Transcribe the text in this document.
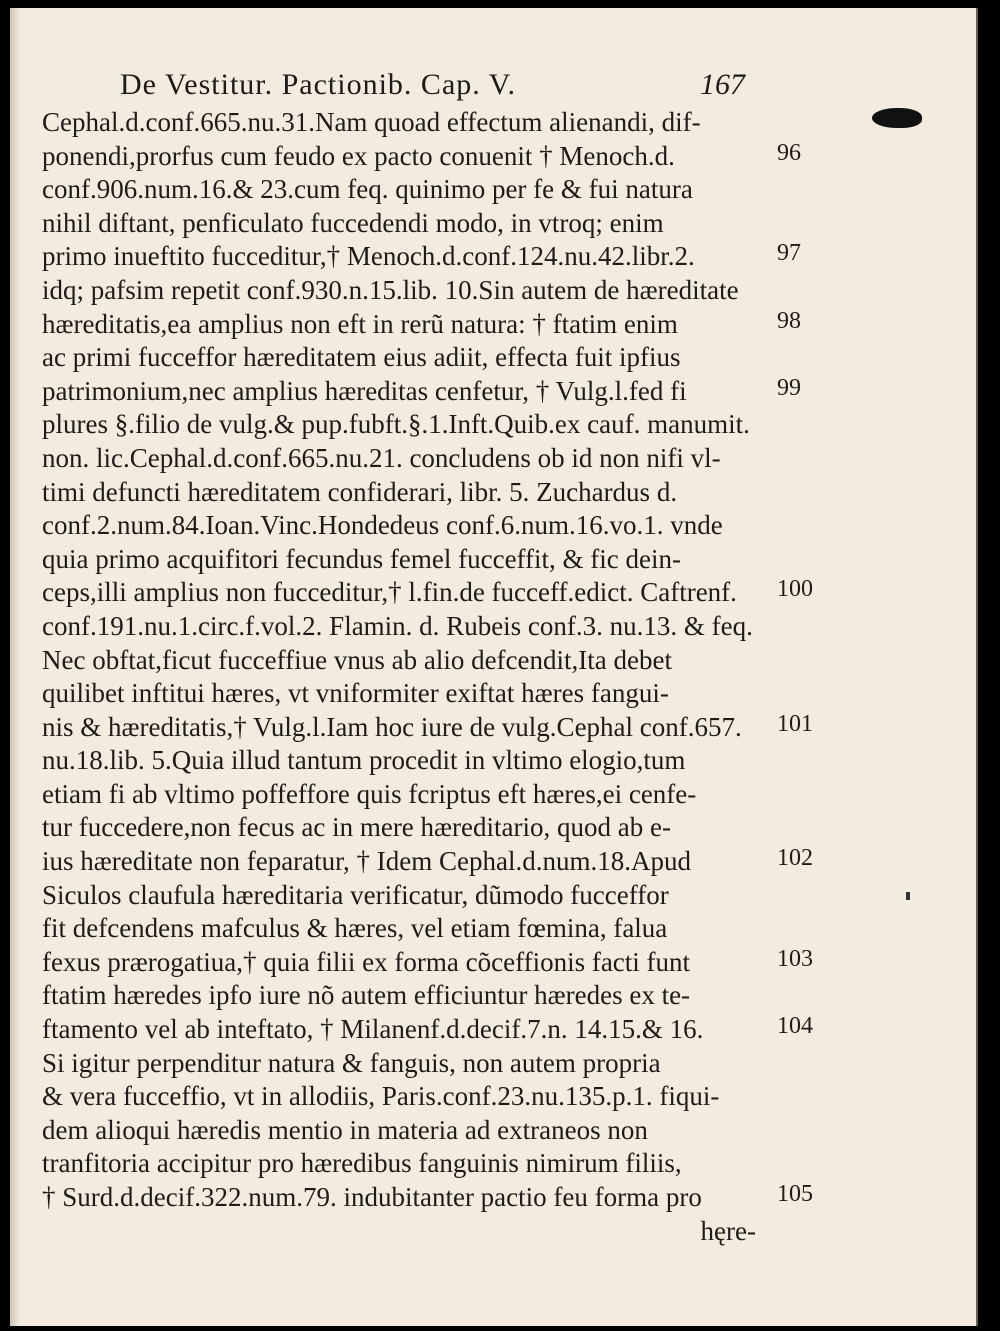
De Vestitur. Pactionib. Cap. V.	167
Cephal.d.conf.665.nu.31.Nam quoad effectum alienandi, dif-
ponendi,prorfus cum feudo ex pacto conuenit † Menoch.d.
conf.906.num.16.& 23.cum feq. quinimo per fe & fui natura
nihil diftant, penficulato fuccedendi modo, in vtroq; enim
primo inueftito fucceditur,† Menoch.d.conf.124.nu.42.libr.2.
idq; pafsim repetit conf.930.n.15.lib. 10.Sin autem de hæreditate
hæreditatis,ea amplius non eft in rerũ natura: † ftatim enim
ac primi fucceffor hæreditatem eius adiit, effecta fuit ipfius
patrimonium,nec amplius hæreditas cenfetur, † Vulg.l.fed fi
plures §.filio de vulg.& pup.fubft.§.1.Inft.Quib.ex cauf. manumit.
non. lic.Cephal.d.conf.665.nu.21. concludens ob id non nifi vl-
timi defuncti hæreditatem confiderari, libr. 5. Zuchardus d.
conf.2.num.84.Ioan.Vinc.Hondedeus conf.6.num.16.vo.1. vnde
quia primo acquifitori fecundus femel fucceffit, & fic dein-
ceps,illi amplius non fucceditur,† l.fin.de fucceff.edict. Caftrenf.
conf.191.nu.1.circ.f.vol.2. Flamin. d. Rubeis conf.3. nu.13. & feq.
Nec obftat,ficut fucceffiue vnus ab alio defcendit,Ita debet
quilibet inftitui hæres, vt vniformiter exiftat hæres fangui-
nis & hæreditatis,† Vulg.l.Iam hoc iure de vulg.Cephal conf.657.
nu.18.lib. 5.Quia illud tantum procedit in vltimo elogio,tum
etiam fi ab vltimo poffeffore quis fcriptus eft hæres,ei cenfe-
tur fuccedere,non fecus ac in mere hæreditario, quod ab e-
ius hæreditate non feparatur, † Idem Cephal.d.num.18.Apud
Siculos claufula hæreditaria verificatur, dũmodo fucceffor
fit defcendens mafculus & hæres, vel etiam fœmina, falua
fexus prærogatiua,† quia filii ex forma cõceffionis facti funt
ftatim hæredes ipfo iure nõ autem efficiuntur hæredes ex te-
ftamento vel ab inteftato, † Milanenf.d.decif.7.n. 14.15.& 16.
Si igitur perpenditur natura & fanguis, non autem propria
& vera fucceffio, vt in allodiis, Paris.conf.23.nu.135.p.1. fiqui-
dem alioqui hæredis mentio in materia ad extraneos non
tranfitoria accipitur pro hæredibus fanguinis nimirum filiis,
† Surd.d.decif.322.num.79. indubitanter pactio feu forma pro
hęre-
96
97
98
99
100
101
102
103
104
105
